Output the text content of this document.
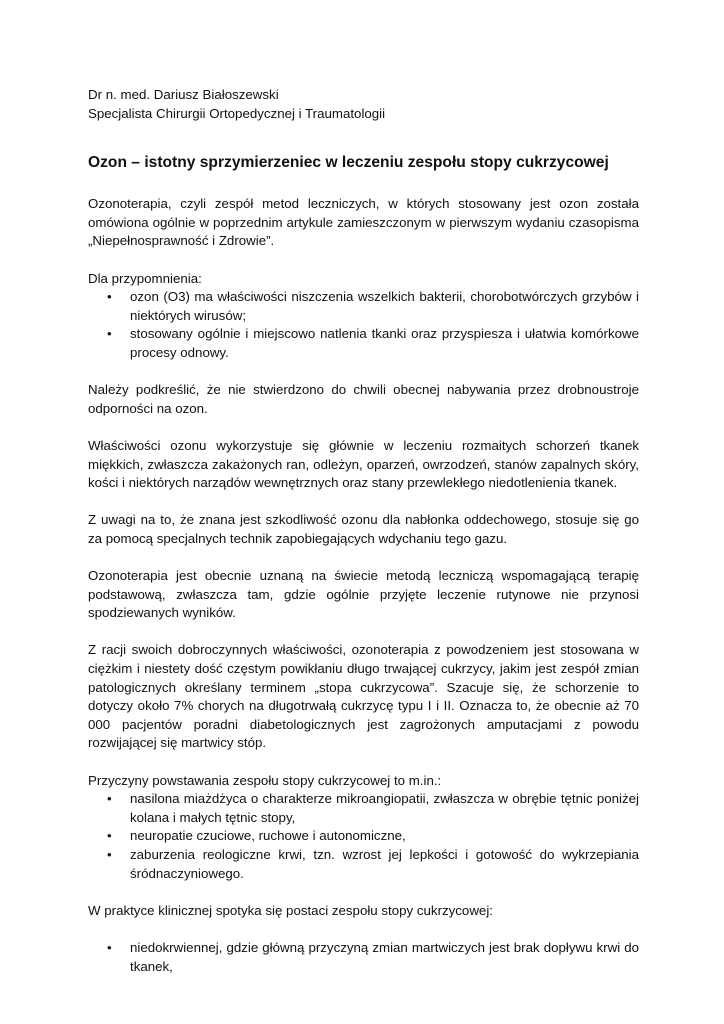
Dr n. med. Dariusz Białoszewski

Specjalista Chirurgii Ortopedycznej i Traumatologii

Ozon – istotny sprzymierzeniec w leczeniu zespołu stopy cukrzycowej

Ozonoterapia, czyli zespół metod leczniczych, w których stosowany jest ozon została omówiona ogólnie w poprzednim artykule zamieszczonym w pierwszym wydaniu czasopisma „Niepełnosprawność i Zdrowie”.

Dla przypomnienia:

• ozon (O3) ma właściwości niszczenia wszelkich bakterii, chorobotwórczych grzybów i niektórych wirusów;
• stosowany ogólnie i miejscowo natlenia tkanki oraz przyspiesza i ułatwia komórkowe procesy odnowy.

Należy podkreślić, że nie stwierdzono do chwili obecnej nabywania przez drobnoustroje odporności na ozon.

Właściwości ozonu wykorzystuje się głównie w leczeniu rozmaitych schorzeń tkanek miękkich, zwłaszcza zakażonych ran, odleżyn, oparzeń, owrzodzeń, stanów zapalnych skóry, kości i niektórych narządów wewnętrznych oraz stany przewlekłego niedotlenienia tkanek.

Z uwagi na to, że znana jest szkodliwość ozonu dla nabłonka oddechowego, stosuje się go za pomocą specjalnych technik zapobiegających wdychaniu tego gazu.

Ozonoterapia jest obecnie uznaną na świecie metodą leczniczą wspomagającą terapię podstawową, zwłaszcza tam, gdzie ogólnie przyjęte leczenie rutynowe nie przynosi spodziewanych wyników.

Z racji swoich dobroczynnych właściwości, ozonoterapia z powodzeniem jest stosowana w ciężkim i niestety dość częstym powikłaniu długo trwającej cukrzycy, jakim jest zespół zmian patologicznych określany terminem „stopa cukrzycowa”. Szacuje się, że schorzenie to dotyczy około 7% chorych na długotrwałą cukrzycę typu I i II. Oznacza to, że obecnie aż 70 000 pacjentów poradni diabetologicznych jest zagrożonych amputacjami z powodu rozwijającej się martwicy stóp.

Przyczyny powstawania zespołu stopy cukrzycowej to m.in.:

• nasilona miażdżyca o charakterze mikroangiopatii, zwłaszcza w obrębie tętnic poniżej kolana i małych tętnic stopy,
• neuropatie czuciowe, ruchowe i autonomiczne,
• zaburzenia reologiczne krwi, tzn. wzrost jej lepkości i gotowość do wykrzepiania śródnaczyniowego.

W praktyce klinicznej spotyka się postaci zespołu stopy cukrzycowej:

• niedokrwiennej, gdzie główną przyczyną zmian martwiczych jest brak dopływu krwi do tkanek,
